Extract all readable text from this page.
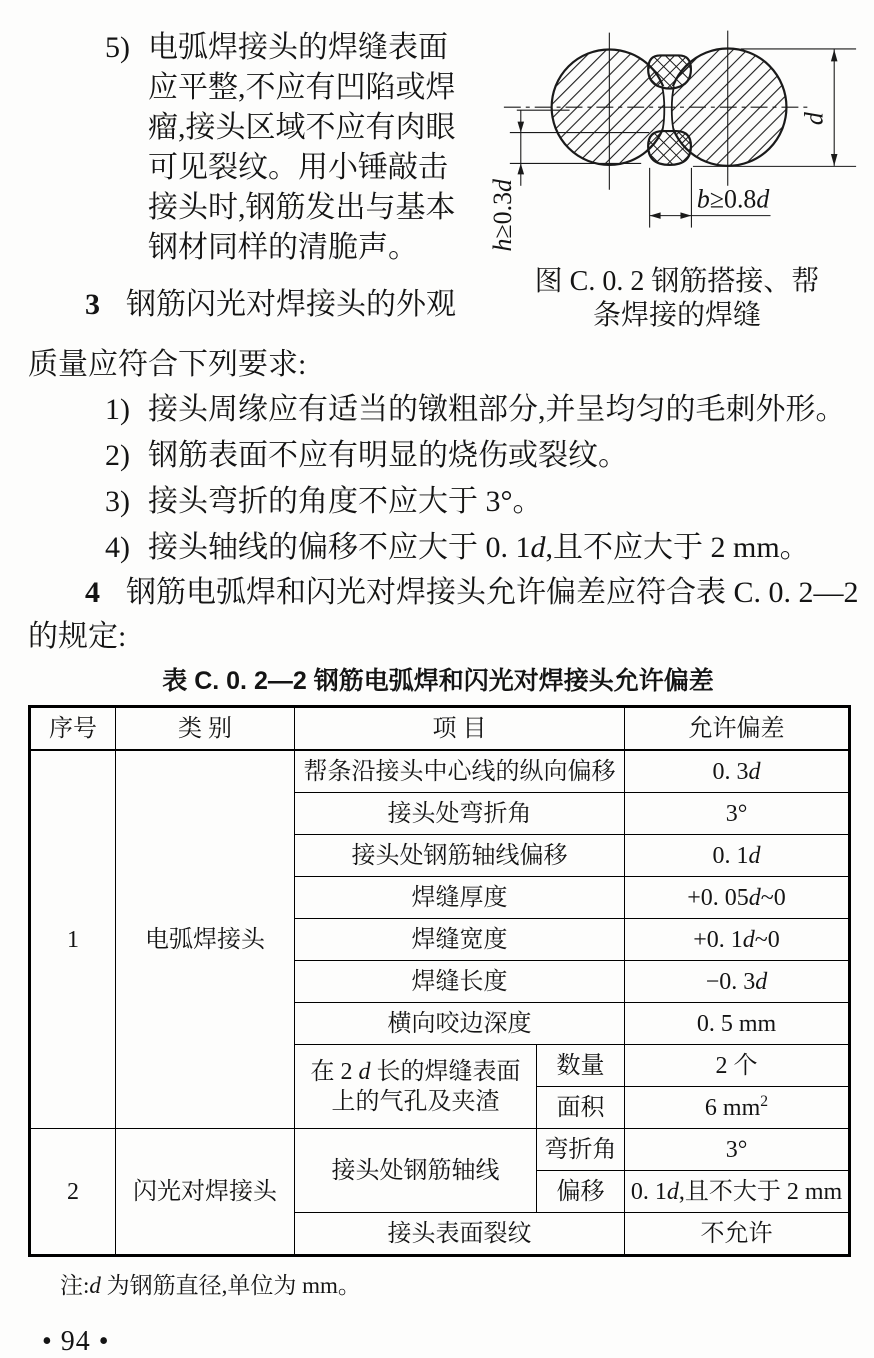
5) 电弧焊接头的焊缝表面
应平整,不应有凹陷或焊
瘤,接头区域不应有肉眼
可见裂纹。用小锤敲击
接头时,钢筋发出与基本
钢材同样的清脆声。
3 钢筋闪光对焊接头的外观
d
h≥0.3d	b≥0.8d
图 C. 0. 2 钢筋搭接、帮
条焊接的焊缝
质量应符合下列要求:
1) 接头周缘应有适当的镦粗部分,并呈均匀的毛刺外形。
2) 钢筋表面不应有明显的烧伤或裂纹。
3) 接头弯折的角度不应大于 3°。
4) 接头轴线的偏移不应大于 0. 1d,且不应大于 2 mm。
4 钢筋电弧焊和闪光对焊接头允许偏差应符合表 C. 0. 2—2
的规定:
表 C. 0. 2—2 钢筋电弧焊和闪光对焊接头允许偏差
序号	类 别	项 目		允许偏差
1	电弧焊接头	帮条沿接头中心线的纵向偏移		0. 3d
		接头处弯折角		3°
		接头处钢筋轴线偏移		0. 1d
		焊缝厚度		+0. 05d~0
		焊缝宽度		+0. 1d~0
		焊缝长度		−0. 3d
		横向咬边深度		0. 5 mm
		在 2 d 长的焊缝表面
上的气孔及夹渣	数量	2 个
			面积	6 $mm^2$
2	闪光对焊接头	接头处钢筋轴线	弯折角	3°
			偏移	0. 1d,且不大于 2 mm
		接头表面裂纹		不允许
注:d 为钢筋直径,单位为 mm。
• 94 •
